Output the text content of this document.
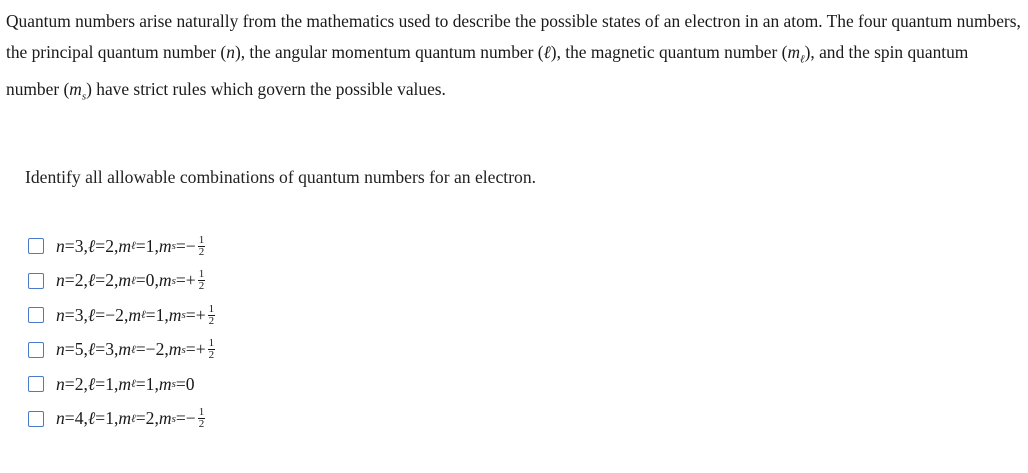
Quantum numbers arise naturally from the mathematics used to describe the possible states of an electron in an atom. The four quantum numbers, the principal quantum number (n), the angular momentum quantum number (ℓ), the magnetic quantum number $(m_\ell)$, and the spin quantum number $(m_s)$ have strict rules which govern the possible values.
Identify all allowable combinations of quantum numbers for an electron.
n = 3 , ℓ = 2 , m ℓ = 1 , m s = − $\frac{1}{2}$
n = 2 , ℓ = 2 , m ℓ = 0 , m s = + $\frac{1}{2}$
n = 3 , ℓ = −2 , m ℓ = 1 , m s = + $\frac{1}{2}$
n = 5 , ℓ = 3 , m ℓ = −2 , m s = + $\frac{1}{2}$
n = 2 , ℓ = 1 , m ℓ = 1 , m s = 0
n = 4 , ℓ = 1 , m ℓ = 2 , m s = − $\frac{1}{2}$
